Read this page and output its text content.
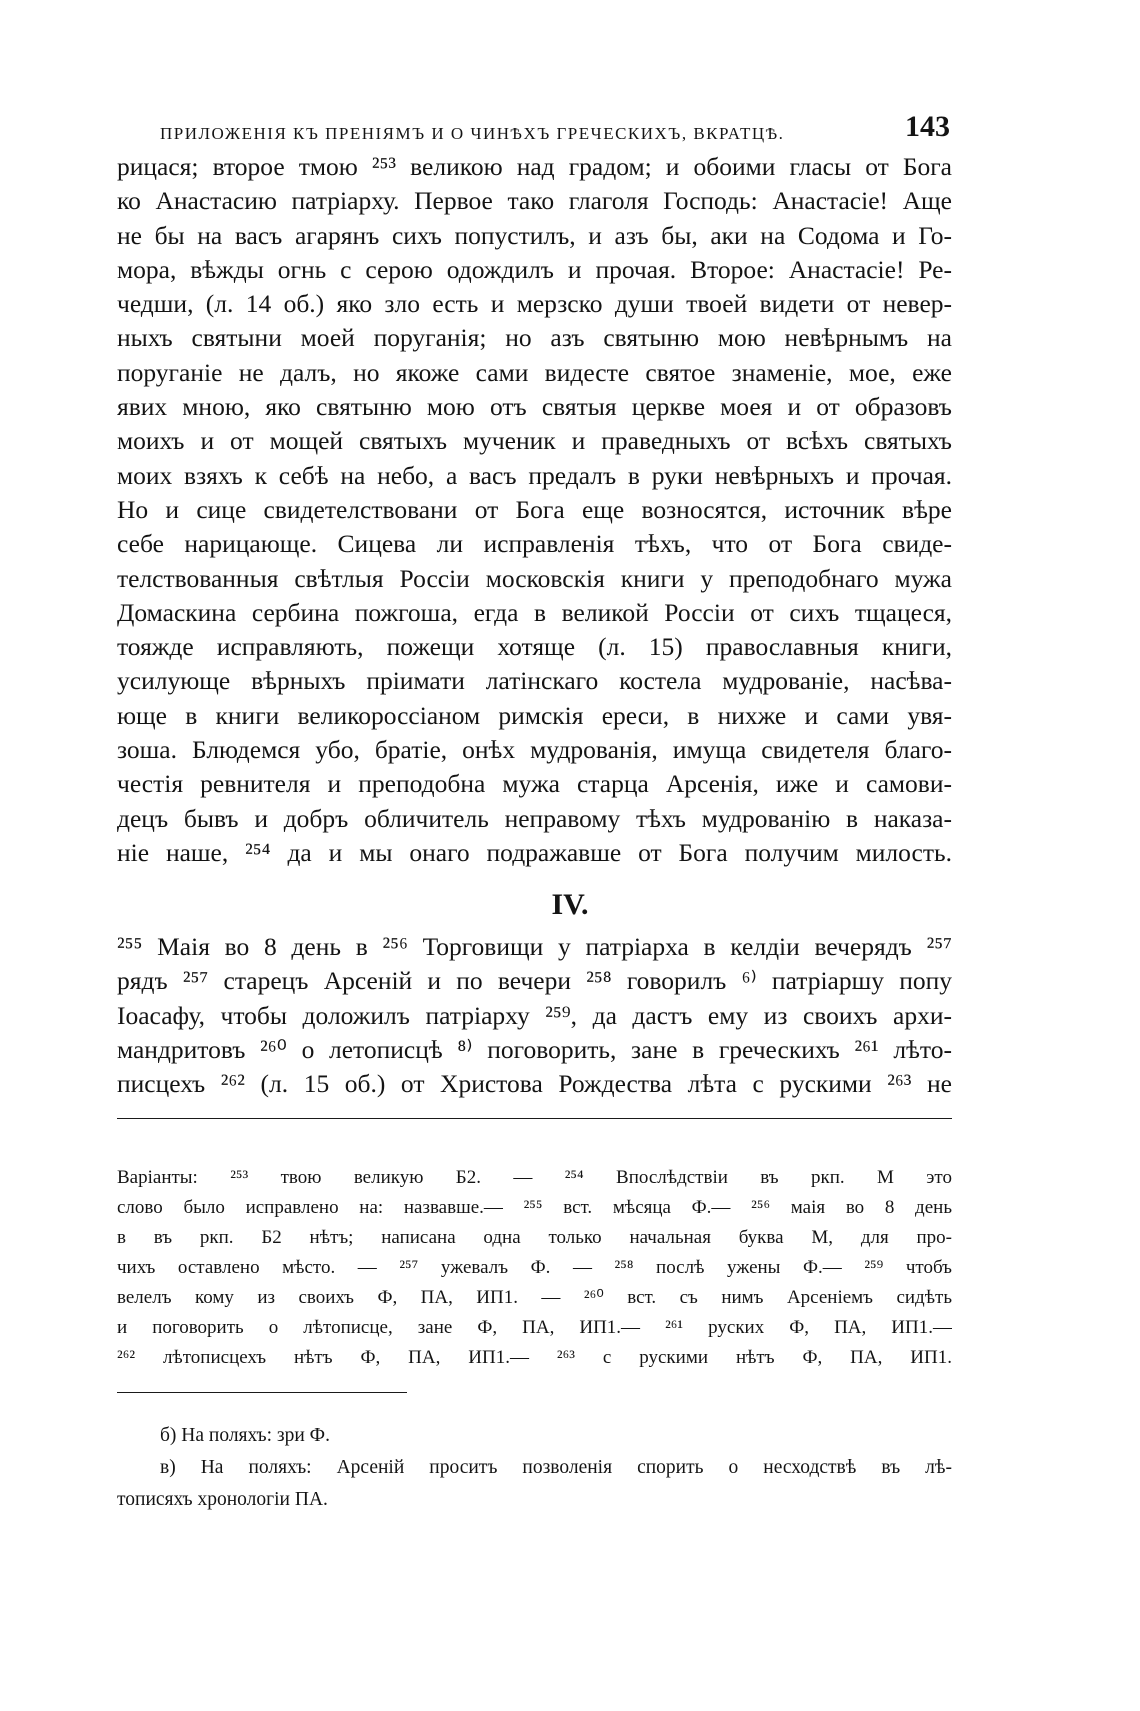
ПРИЛОЖЕНІЯ КЪ ПРЕНІЯМЪ И О ЧИНѢХЪ ГРЕЧЕСКИХЪ, ВКРАТЦѢ.	143
рицася; второе тмою ²⁵³ великою над градом; и обоими гласы от Бога
ко Анастасию патріарху. Первое тако глаголя Господь: Анастасіе! Аще
не бы на васъ агарянъ сихъ попустилъ, и азъ бы, аки на Содома и Го-
мора, вѣжды огнь с серою одождилъ и прочая. Второе: Анастасіе! Ре-
чедши, (л. 14 об.) яко зло есть и мерзско души твоей видети от невер-
ныхъ святыни моей поруганія; но азъ святыню мою невѣрнымъ на
поруганіе не далъ, но якоже сами видесте святое знаменіе, мое, еже
явих мною, яко святыню мою отъ святыя церкве моея и от образовъ
моихъ и от мощей святыхъ мученик и праведныхъ от всѣхъ святыхъ
моих взяхъ к себѣ на небо, а васъ предалъ в руки невѣрныхъ и прочая.
Но и сице свидетелствовани от Бога еще возносятся, источник вѣре
себе нарицающе. Сицева ли исправленія тѣхъ, что от Бога свиде-
телствованныя свѣтлыя Россіи московскія книги у преподобнаго мужа
Домаскина сербина пожгоша, егда в великой Россіи от сихъ тщацеся,
тояжде исправляють, пожещи хотяще (л. 15) православныя книги,
усилующе вѣрныхъ пріимати латінскаго костела мудрованіе, насѣва-
юще в книги великороссіаном римскія ереси, в нихже и сами увя-
зоша. Блюдемся убо, братіе, онѣх мудрованія, имуща свидетеля благо-
честія ревнителя и преподобна мужа старца Арсенія, иже и самови-
децъ бывъ и добръ обличитель неправому тѣхъ мудрованію в наказа-
ніе наше, ²⁵⁴ да и мы онаго подражавше от Бога получим милость.
IV.
²⁵⁵ Маія во 8 день в ²⁵⁶ Торговищи у патріарха в келдіи вечерядъ ²⁵⁷
рядъ ²⁵⁷ старецъ Арсеній и по вечери ²⁵⁸ говорилъ ⁶⁾ патріаршу попу
Іоасафу, чтобы доложилъ патріарху ²⁵⁹, да дастъ ему из своихъ архи-
мандритовъ ²⁶⁰ о летописцѣ ⁸⁾ поговорить, зане в греческихъ ²⁶¹ лѣто-
писцехъ ²⁶² (л. 15 об.) от Христова Рождества лѣта с рускими ²⁶³ не
Варіанты: ²⁵³ твою великую Б2. — ²⁵⁴ Впослѣдствіи въ ркп. М это
слово было исправлено на: назвавше.— ²⁵⁵ вст. мѣсяца Ф.— ²⁵⁶ маія во 8 день
в въ ркп. Б2 нѣтъ; написана одна только начальная буква М, для про-
чихъ оставлено мѣсто. — ²⁵⁷ ужевалъ Ф. — ²⁵⁸ послѣ ужены Ф.— ²⁵⁹ чтобъ
велелъ кому из своихъ Ф, ПА, ИП1. — ²⁶⁰ вст. съ нимъ Арсеніемъ сидѣть
и поговорить о лѣтописце, зане Ф, ПА, ИП1.— ²⁶¹ руских Ф, ПА, ИП1.—
²⁶² лѣтописцехъ нѣтъ Ф, ПА, ИП1.— ²⁶³ с рускими нѣтъ Ф, ПА, ИП1.
б) На поляхъ: зри Ф.
в) На поляхъ: Арсеній проситъ позволенія спорить о несходствѣ въ лѣ-
тописяхъ хронологіи ПА.
